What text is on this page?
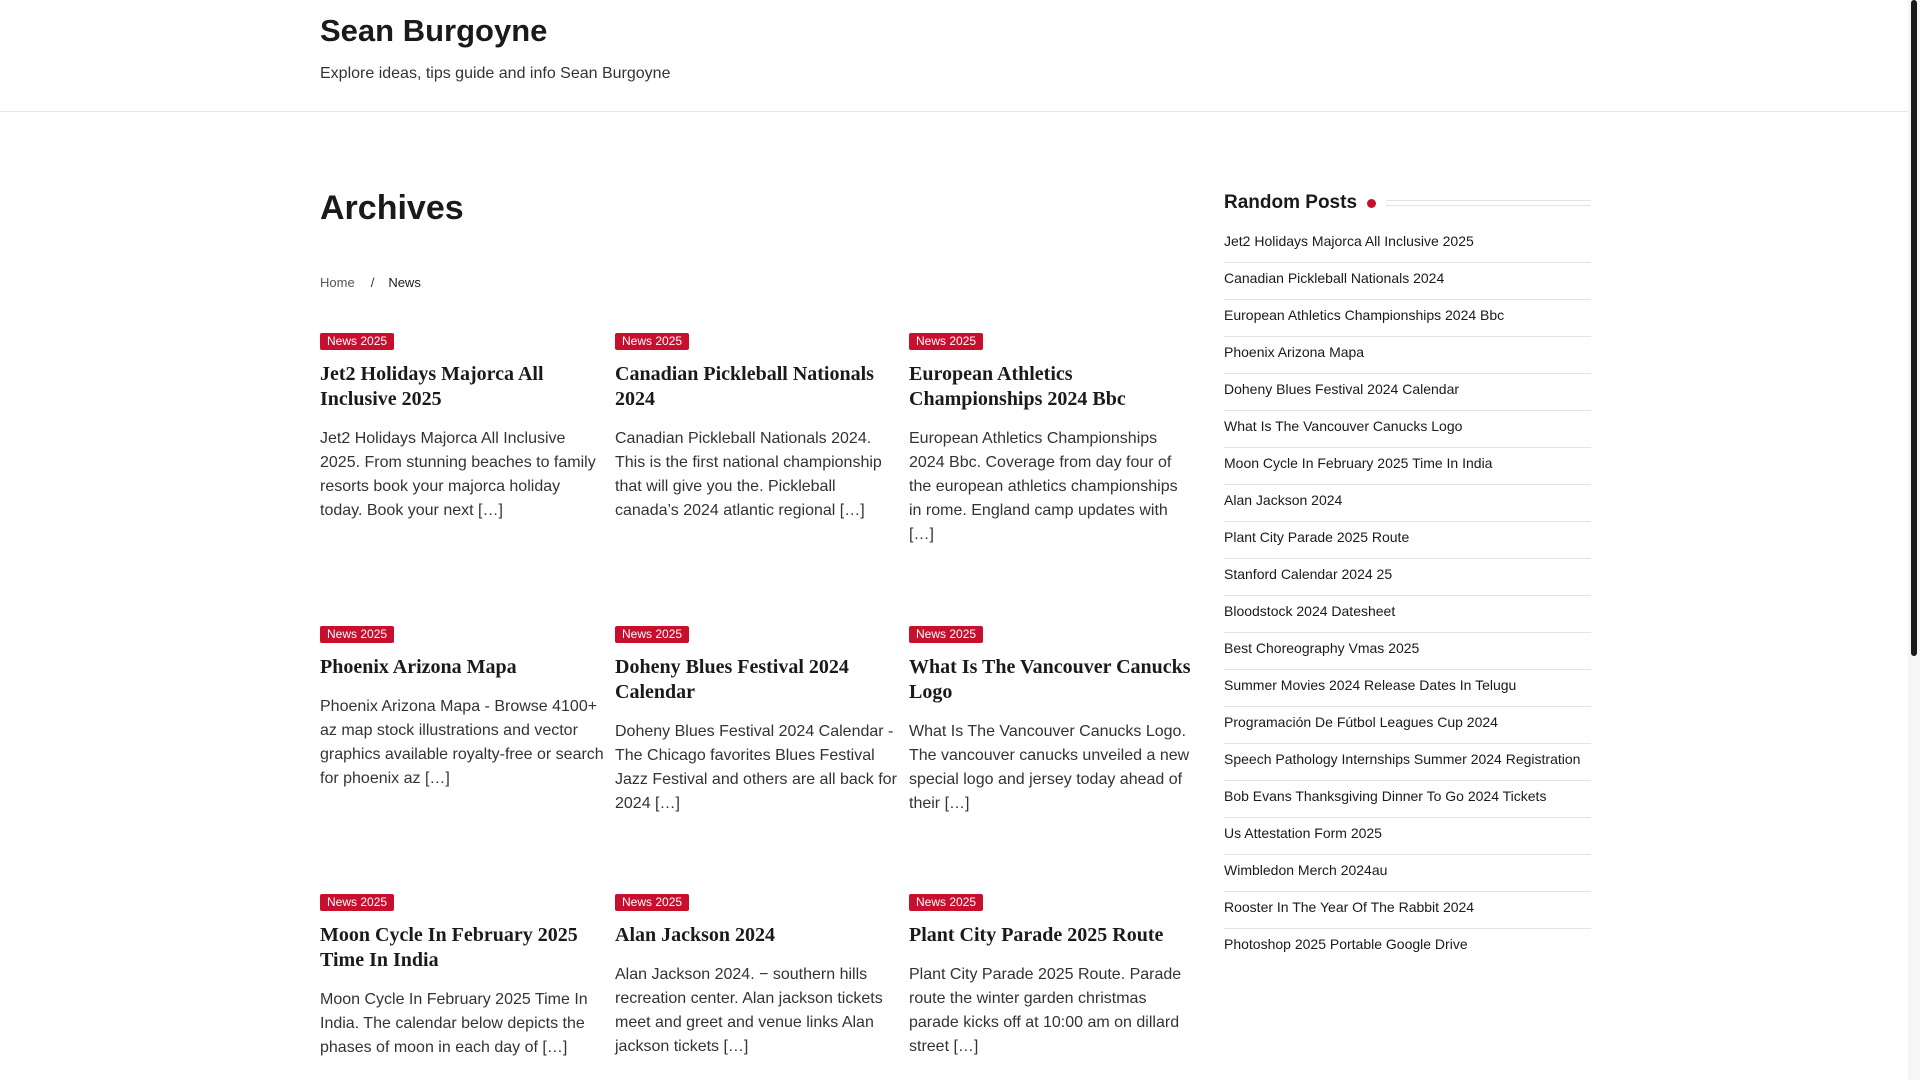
Sean Burgoyne
Explore ideas, tips guide and info Sean Burgoyne
Archives
Home / News
News 2025
Jet2 Holidays Majorca All Inclusive 2025
Jet2 Holidays Majorca All Inclusive 2025. From stunning beaches to family resorts book your majorca holiday today. Book your next […]
News 2025
Canadian Pickleball Nationals 2024
Canadian Pickleball Nationals 2024. This is the first national championship that will give you the. Pickleball canada’s 2024 atlantic regional […]
News 2025
European Athletics Championships 2024 Bbc
European Athletics Championships 2024 Bbc. Coverage from day four of the european athletics championships in rome. England camp updates with […]
News 2025
Phoenix Arizona Mapa
Phoenix Arizona Mapa - Browse 4100+ az map stock illustrations and vector graphics available royalty-free or search for phoenix az […]
News 2025
Doheny Blues Festival 2024 Calendar
Doheny Blues Festival 2024 Calendar - The Chicago favorites Blues Festival Jazz Festival and others are all back for 2024 […]
News 2025
What Is The Vancouver Canucks Logo
What Is The Vancouver Canucks Logo. The vancouver canucks unveiled a new special logo and jersey today ahead of their […]
News 2025
Moon Cycle In February 2025 Time In India
Moon Cycle In February 2025 Time In India. The calendar below depicts the phases of moon in each day of […]
News 2025
Alan Jackson 2024
Alan Jackson 2024. − southern hills recreation center. Alan jackson tickets meet and greet and venue links Alan jackson tickets […]
News 2025
Plant City Parade 2025 Route
Plant City Parade 2025 Route. Parade route the winter garden christmas parade kicks off at 10:00 am on dillard street […]
Random Posts
Jet2 Holidays Majorca All Inclusive 2025
Canadian Pickleball Nationals 2024
European Athletics Championships 2024 Bbc
Phoenix Arizona Mapa
Doheny Blues Festival 2024 Calendar
What Is The Vancouver Canucks Logo
Moon Cycle In February 2025 Time In India
Alan Jackson 2024
Plant City Parade 2025 Route
Stanford Calendar 2024 25
Bloodstock 2024 Datesheet
Best Choreography Vmas 2025
Summer Movies 2024 Release Dates In Telugu
Programación De Fútbol Leagues Cup 2024
Speech Pathology Internships Summer 2024 Registration
Bob Evans Thanksgiving Dinner To Go 2024 Tickets
Us Attestation Form 2025
Wimbledon Merch 2024au
Rooster In The Year Of The Rabbit 2024
Photoshop 2025 Portable Google Drive
